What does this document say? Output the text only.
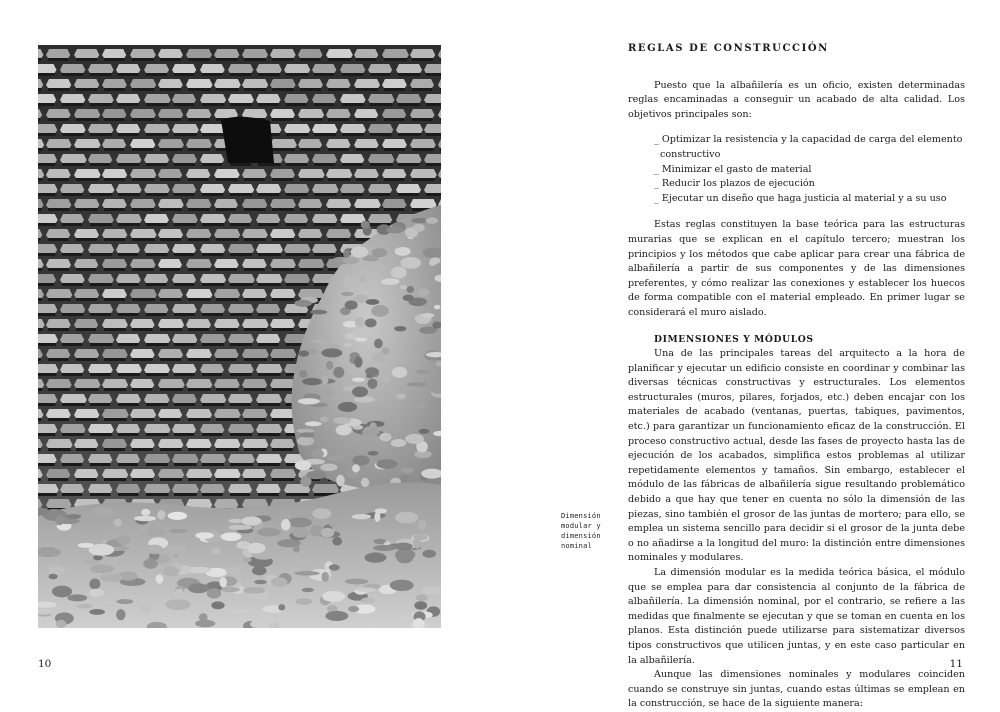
Dimensión
modular y
dimensión
nominal
10
REGLAS DE CONSTRUCCIÓN

Puesto que la albañilería es un oficio, existen determinadas reglas encaminadas a conseguir un acabado de alta calidad. Los objetivos principales son:

_ Optimizar la resistencia y la capacidad de carga del elemento constructivo
_ Minimizar el gasto de material
_ Reducir los plazos de ejecución
_ Ejecutar un diseño que haga justicia al material y a su uso

Estas reglas constituyen la base teórica para las estructuras murarias que se explican en el capítulo tercero; muestran los principios y los métodos que cabe aplicar para crear una fábrica de albañilería a partir de sus componentes y de las dimensiones preferentes, y cómo realizar las conexiones y establecer los huecos de forma compatible con el material empleado. En primer lugar se considerará el muro aislado.

DIMENSIONES Y MÓDULOS

Una de las principales tareas del arquitecto a la hora de planificar y ejecutar un edificio consiste en coordinar y combinar las diversas técnicas constructivas y estructurales. Los elementos estructurales (muros, pilares, forjados, etc.) deben encajar con los materiales de acabado (ventanas, puertas, tabiques, pavimentos, etc.) para garantizar un funcionamiento eficaz de la construcción. El proceso constructivo actual, desde las fases de proyecto hasta las de ejecución de los acabados, simplifica estos problemas al utilizar repetidamente elementos y tamaños. Sin embargo, establecer el módulo de las fábricas de albañilería sigue resultando problemático debido a que hay que tener en cuenta no sólo la dimensión de las piezas, sino también el grosor de las juntas de mortero; para ello, se emplea un sistema sencillo para decidir si el grosor de la junta debe o no añadirse a la longitud del muro: la distinción entre dimensiones nominales y modulares.

La dimensión modular es la medida teórica básica, el módulo que se emplea para dar consistencia al conjunto de la fábrica de albañilería. La dimensión nominal, por el contrario, se refiere a las medidas que finalmente se ejecutan y que se toman en cuenta en los planos. Esta distinción puede utilizarse para sistematizar diversos tipos constructivos que utilicen juntas, y en este caso particular en la albañilería.

Aunque las dimensiones nominales y modulares coinciden cuando se construye sin juntas, cuando estas últimas se emplean en la construcción, se hace de la siguiente manera:

11
